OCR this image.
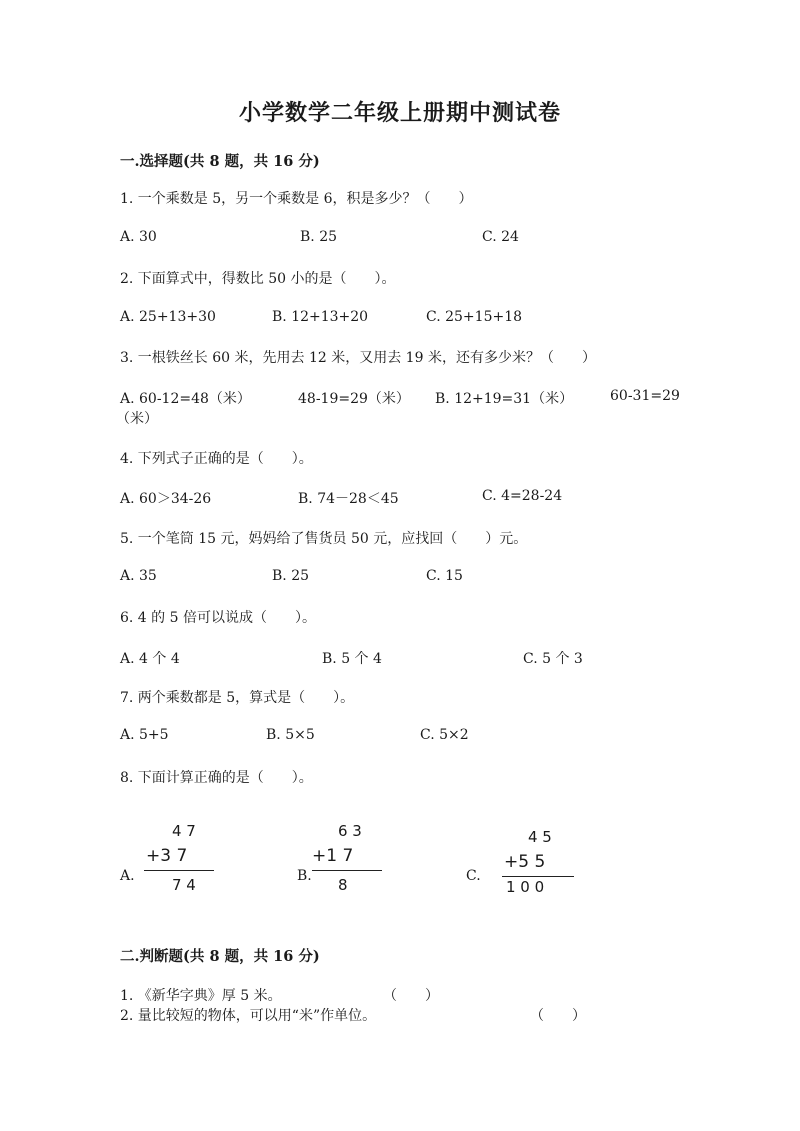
小学数学二年级上册期中测试卷
一.选择题(共 8 题，共 16 分)
1. 一个乘数是 5，另一个乘数是 6，积是多少？（　　）
A. 30	B. 25	C. 24
2. 下面算式中，得数比 50 小的是（　　）。
A. 25+13+30	B. 12+13+20	C. 25+15+18
3. 一根铁丝长 60 米，先用去 12 米，又用去 19 米，还有多少米？（　　）
A. 60-12=48（米）	48-19=29（米） B. 12+19=31（米）	60-31=29
（米）
4. 下列式子正确的是（　　）。
A. 60＞34-26	B. 74－28＜45	C. 4=28-24
5. 一个笔筒 15 元，妈妈给了售货员 50 元，应找回（　　）元。
A. 35	B. 25	C. 15
6. 4 的 5 倍可以说成（　　）。
A. 4 个 4	B. 5 个 4	C. 5 个 3
7. 两个乘数都是 5，算式是（　　）。
A. 5+5	B. 5×5	C. 5×2
8. 下面计算正确的是（　　）。
A.	B.	C.
4 7
+3 7
7 4
6 3
+1 7
8
4 5
+5 5
1 0 0
二.判断题(共 8 题，共 16 分)
1. 《新华字典》厚 5 米。	（　　）
2. 量比较短的物体，可以用“米”作单位。	（　　）
